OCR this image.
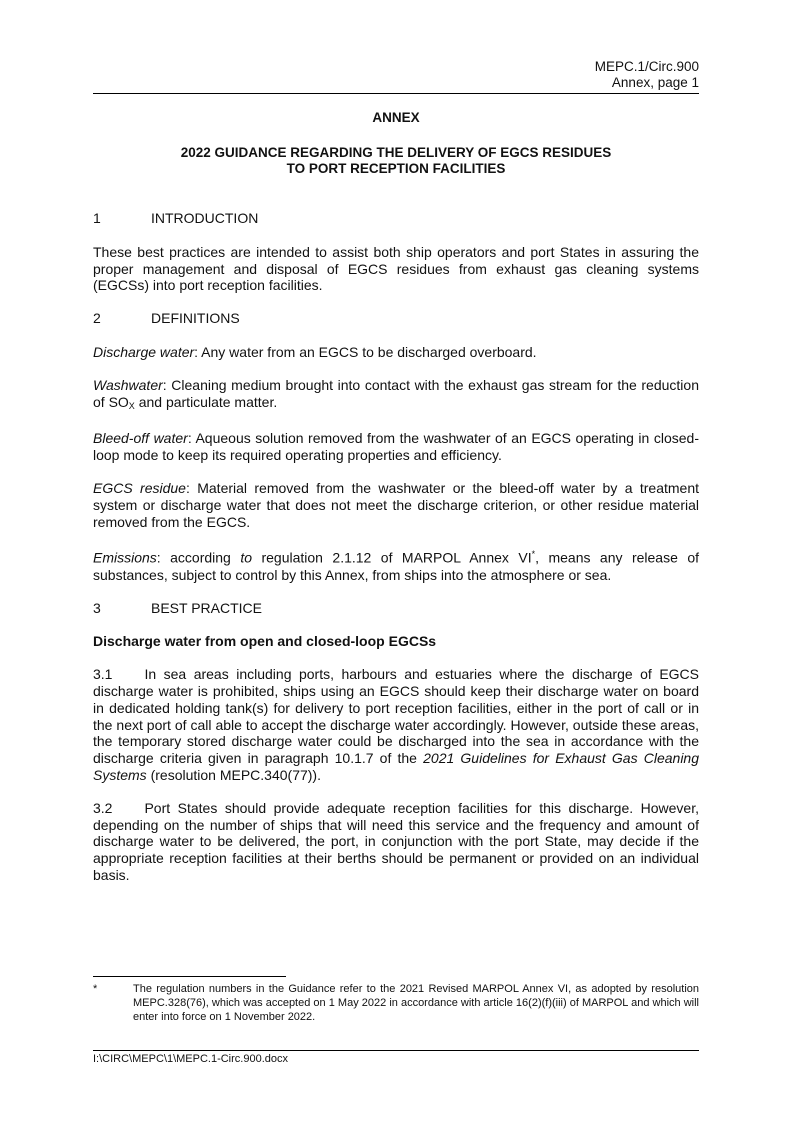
MEPC.1/Circ.900
Annex, page 1
ANNEX
2022 GUIDANCE REGARDING THE DELIVERY OF EGCS RESIDUES
TO PORT RECEPTION FACILITIES
1	INTRODUCTION

These best practices are intended to assist both ship operators and port States in assuring the proper management and disposal of EGCS residues from exhaust gas cleaning systems (EGCSs) into port reception facilities.

2	DEFINITIONS

Discharge water: Any water from an EGCS to be discharged overboard.

Washwater: Cleaning medium brought into contact with the exhaust gas stream for the reduction of $SO_X$ and particulate matter.

Bleed-off water: Aqueous solution removed from the washwater of an EGCS operating in closed-loop mode to keep its required operating properties and efficiency.

EGCS residue: Material removed from the washwater or the bleed-off water by a treatment system or discharge water that does not meet the discharge criterion, or other residue material removed from the EGCS.

Emissions: according to regulation 2.1.12 of MARPOL Annex VI*, means any release of substances, subject to control by this Annex, from ships into the atmosphere or sea.

3	BEST PRACTICE

Discharge water from open and closed-loop EGCSs

3.1 In sea areas including ports, harbours and estuaries where the discharge of EGCS discharge water is prohibited, ships using an EGCS should keep their discharge water on board in dedicated holding tank(s) for delivery to port reception facilities, either in the port of call or in the next port of call able to accept the discharge water accordingly. However, outside these areas, the temporary stored discharge water could be discharged into the sea in accordance with the discharge criteria given in paragraph 10.1.7 of the 2021 Guidelines for Exhaust Gas Cleaning Systems (resolution MEPC.340(77)).

3.2 Port States should provide adequate reception facilities for this discharge. However, depending on the number of ships that will need this service and the frequency and amount of discharge water to be delivered, the port, in conjunction with the port State, may decide if the appropriate reception facilities at their berths should be permanent or provided on an individual basis.

*	The regulation numbers in the Guidance refer to the 2021 Revised MARPOL Annex VI, as adopted by resolution MEPC.328(76), which was accepted on 1 May 2022 in accordance with article 16(2)(f)(iii) of MARPOL and which will enter into force on 1 November 2022.
I:\CIRC\MEPC\1\MEPC.1-Circ.900.docx
